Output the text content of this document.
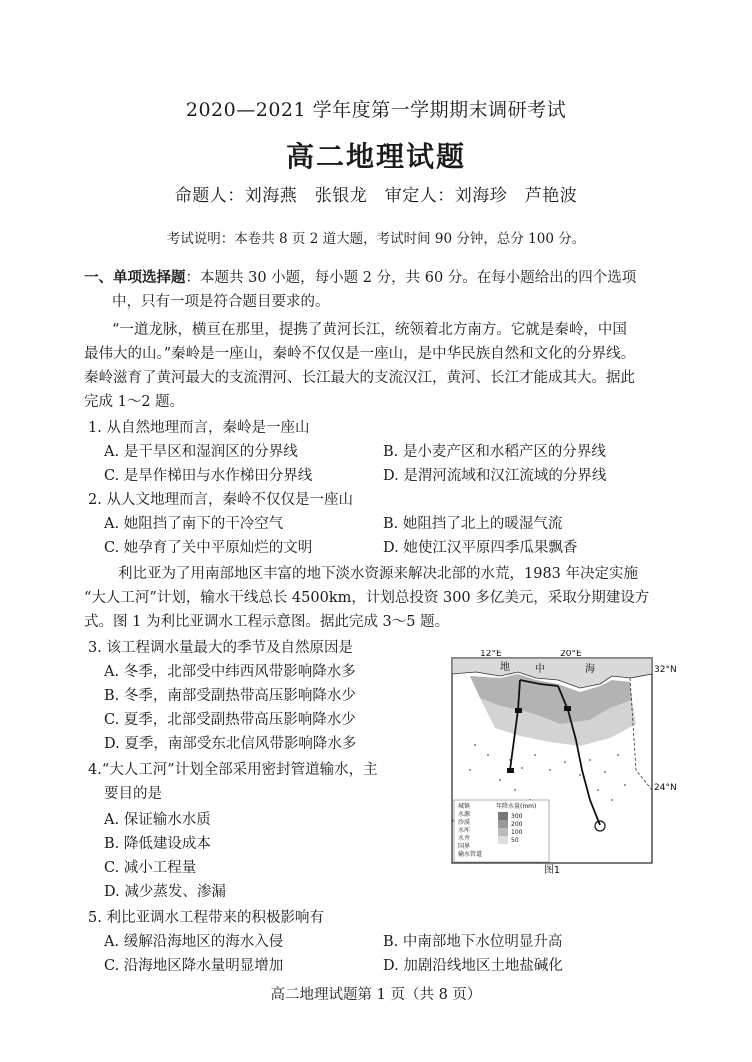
2020—2021 学年度第一学期期末调研考试
高二地理试题
命题人：刘海燕　张银龙　审定人：刘海珍　芦艳波
考试说明：本卷共 8 页 2 道大题，考试时间 90 分钟，总分 100 分。
一、单项选择题：本题共 30 小题，每小题 2 分，共 60 分。在每小题给出的四个选项
中，只有一项是符合题目要求的。
“一道龙脉，横亘在那里，提携了黄河长江，统领着北方南方。它就是秦岭，中国
最伟大的山。”秦岭是一座山，秦岭不仅仅是一座山，是中华民族自然和文化的分界线。
秦岭滋育了黄河最大的支流渭河、长江最大的支流汉江，黄河、长江才能成其大。据此
完成 1～2 题。
1. 从自然地理而言，秦岭是一座山
A. 是干旱区和湿润区的分界线	B. 是小麦产区和水稻产区的分界线
C. 是旱作梯田与水作梯田分界线	D. 是渭河流域和汉江流域的分界线
2. 从人文地理而言，秦岭不仅仅是一座山
A. 她阻挡了南下的干冷空气	B. 她阻挡了北上的暖湿气流
C. 她孕育了关中平原灿烂的文明	D. 她使江汉平原四季瓜果飘香
利比亚为了用南部地区丰富的地下淡水资源来解决北部的水荒，1983 年决定实施
“大人工河”计划，输水干线总长 4500km，计划总投资 300 多亿美元，采取分期建设方
式。图 1 为利比亚调水工程示意图。据此完成 3～5 题。
3. 该工程调水量最大的季节及自然原因是
A. 冬季，北部受中纬西风带影响降水多
B. 冬季，南部受副热带高压影响降水少
C. 夏季，北部受副热带高压影响降水少
D. 夏季，南部受东北信风带影响降水多
4.“大人工河”计划全部采用密封管道输水，主
要目的是
A. 保证输水水质
B. 降低建设成本
C. 减小工程量
D. 减少蒸发、渗漏
5. 利比亚调水工程带来的积极影响有
A. 缓解沿海地区的海水入侵	B. 中南部地下水位明显升高
C. 沿海地区降水量明显增加	D. 加剧沿线地区土地盐碱化
12°E	20°E
32°N
24°N
地	中	海
城镇
水源
沙漠
水库
水井
国界
输水管道
年降水量(mm)
300
200
100
50
图1
高二地理试题第 1 页（共 8 页）
